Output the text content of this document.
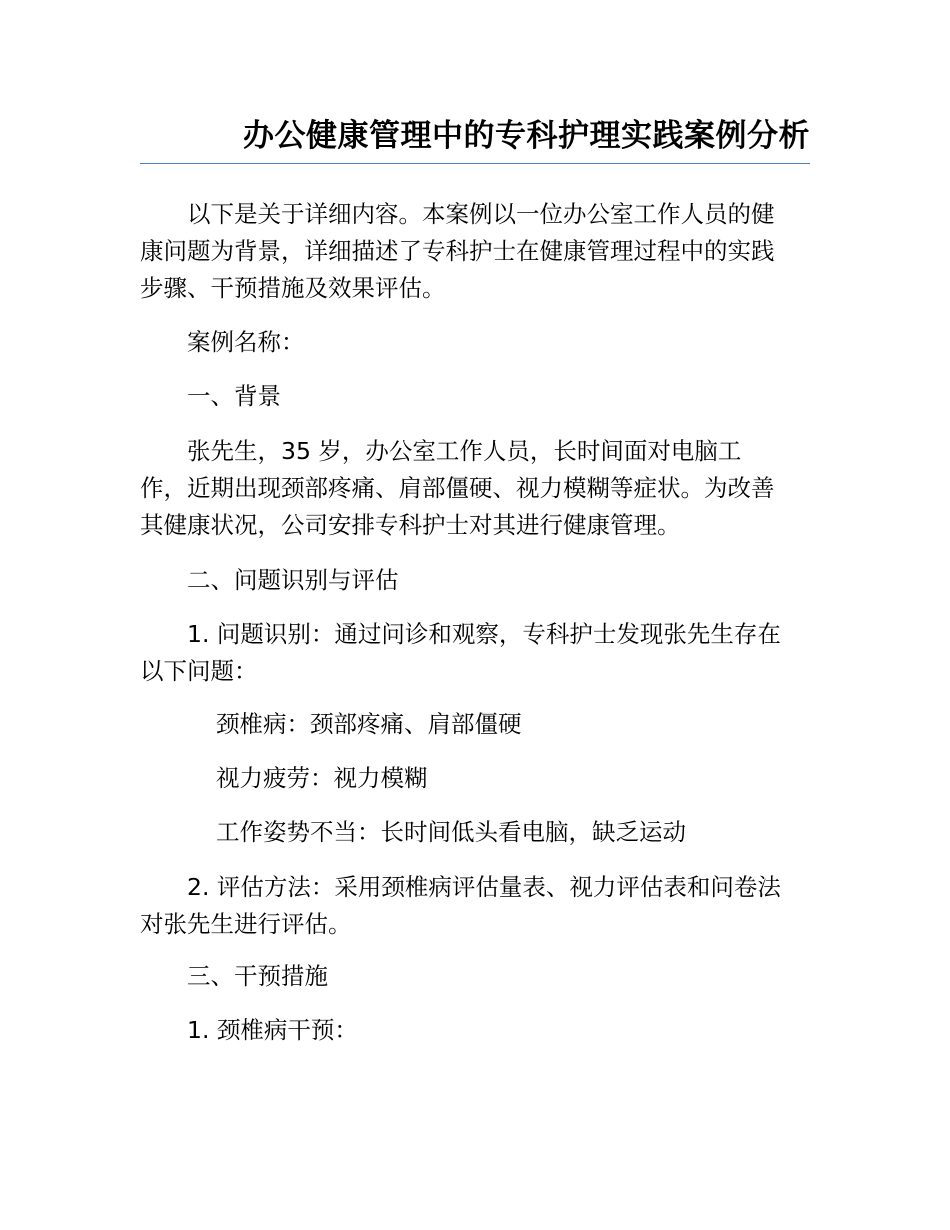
办公健康管理中的专科护理实践案例分析
以下是关于详细内容。本案例以一位办公室工作人员的健
康问题为背景，详细描述了专科护士在健康管理过程中的实践
步骤、干预措施及效果评估。
案例名称：
一、背景
张先生，35 岁，办公室工作人员，长时间面对电脑工
作，近期出现颈部疼痛、肩部僵硬、视力模糊等症状。为改善
其健康状况，公司安排专科护士对其进行健康管理。
二、问题识别与评估
1. 问题识别：通过问诊和观察，专科护士发现张先生存在
以下问题：
颈椎病：颈部疼痛、肩部僵硬
视力疲劳：视力模糊
工作姿势不当：长时间低头看电脑，缺乏运动
2. 评估方法：采用颈椎病评估量表、视力评估表和问卷法
对张先生进行评估。
三、干预措施
1. 颈椎病干预：
